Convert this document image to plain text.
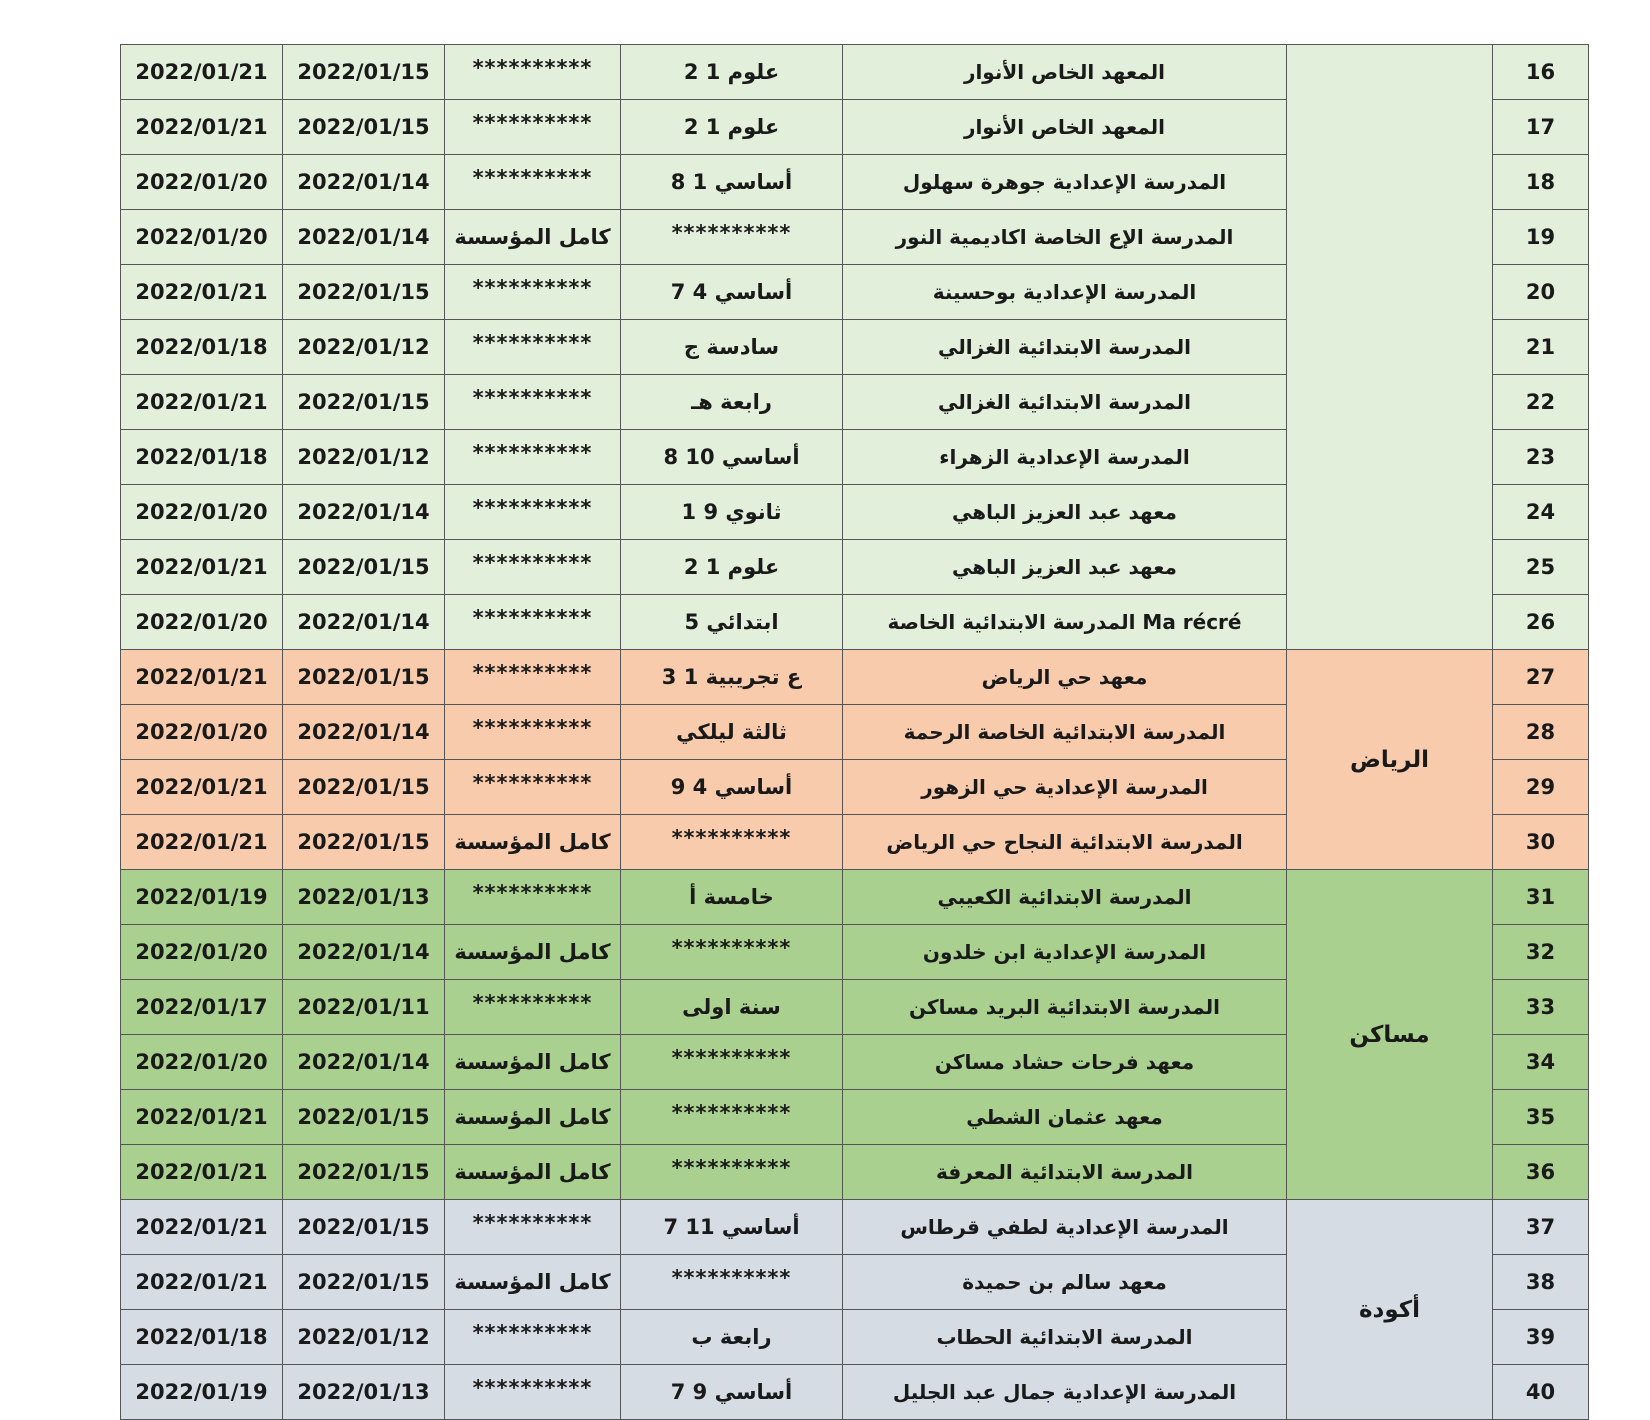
2022/01/21	2022/01/15	**********	2 علوم 1	المعهد الخاص الأنوار		16
2022/01/21	2022/01/15	**********	2 علوم 1	المعهد الخاص الأنوار		17
2022/01/20	2022/01/14	**********	8 أساسي 1	المدرسة الإعدادية جوهرة سهلول		18
2022/01/20	2022/01/14	كامل المؤسسة	**********	المدرسة الإع الخاصة اكاديمية النور		19
2022/01/21	2022/01/15	**********	7 أساسي 4	المدرسة الإعدادية بوحسينة		20
2022/01/18	2022/01/12	**********	سادسة ج	المدرسة الابتدائية الغزالي		21
2022/01/21	2022/01/15	**********	رابعة هـ	المدرسة الابتدائية الغزالي		22
2022/01/18	2022/01/12	**********	8 أساسي 10	المدرسة الإعدادية الزهراء		23
2022/01/20	2022/01/14	**********	1 ثانوي 9	معهد عبد العزيز الباهي		24
2022/01/21	2022/01/15	**********	2 علوم 1	معهد عبد العزيز الباهي		25
2022/01/20	2022/01/14	**********	5 ابتدائي	المدرسة الابتدائية الخاصة Ma récré		26
2022/01/21	2022/01/15	**********	3 ع تجريبية 1	معهد حي الرياض	الرياض	27
2022/01/20	2022/01/14	**********	ثالثة ليلكي	المدرسة الابتدائية الخاصة الرحمة		28
2022/01/21	2022/01/15	**********	9 أساسي 4	المدرسة الإعدادية حي الزهور		29
2022/01/21	2022/01/15	كامل المؤسسة	**********	المدرسة الابتدائية النجاح حي الرياض		30
2022/01/19	2022/01/13	**********	خامسة أ	المدرسة الابتدائية الكعيبي	مساكن	31
2022/01/20	2022/01/14	كامل المؤسسة	**********	المدرسة الإعدادية ابن خلدون		32
2022/01/17	2022/01/11	**********	سنة اولى	المدرسة الابتدائية البريد مساكن		33
2022/01/20	2022/01/14	كامل المؤسسة	**********	معهد فرحات حشاد مساكن		34
2022/01/21	2022/01/15	كامل المؤسسة	**********	معهد عثمان الشطي		35
2022/01/21	2022/01/15	كامل المؤسسة	**********	المدرسة الابتدائية المعرفة		36
2022/01/21	2022/01/15	**********	7 أساسي 11	المدرسة الإعدادية لطفي قرطاس	أكودة	37
2022/01/21	2022/01/15	كامل المؤسسة	**********	معهد سالم بن حميدة		38
2022/01/18	2022/01/12	**********	رابعة ب	المدرسة الابتدائية الحطاب		39
2022/01/19	2022/01/13	**********	7 أساسي 9	المدرسة الإعدادية جمال عبد الجليل		40
